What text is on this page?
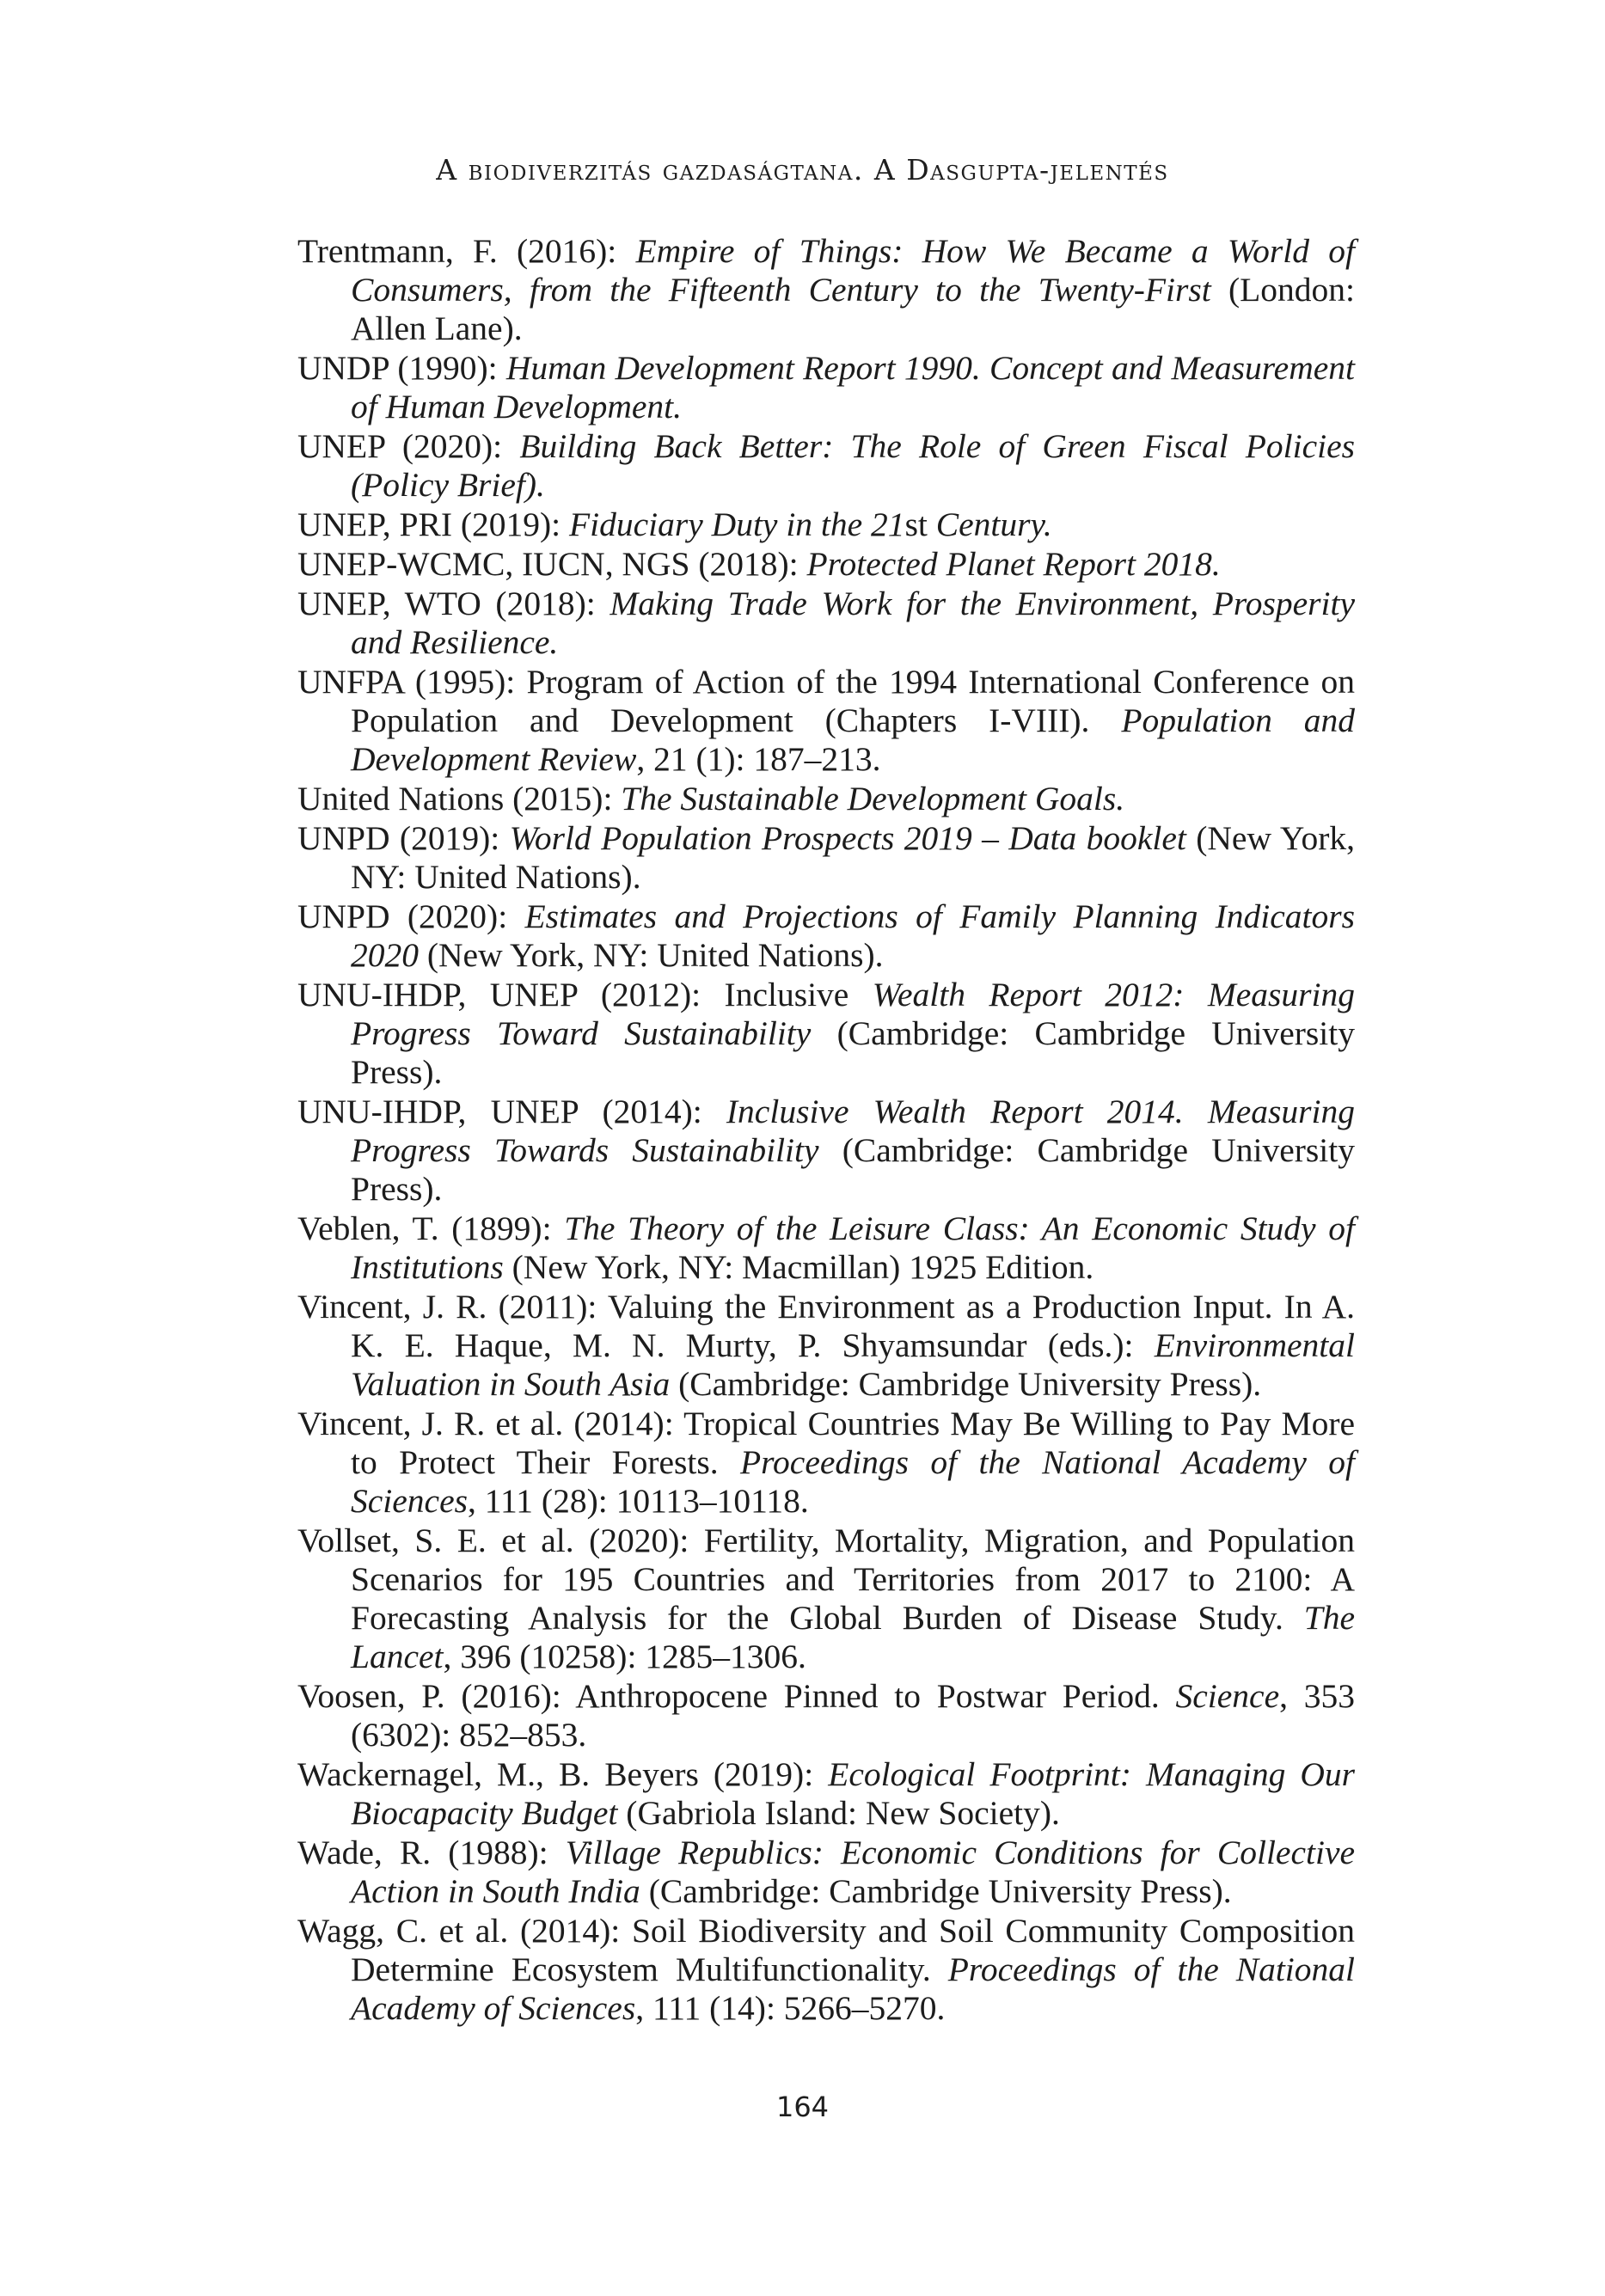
A biodiverzitás gazdaságtana. A Dasgupta-jelentés

Trentmann, F. (2016): Empire of Things: How We Became a World of Consumers, from the Fifteenth Century to the Twenty-First (London: Allen Lane).

UNDP (1990): Human Development Report 1990. Concept and Measurement of Human Development.

UNEP (2020): Building Back Better: The Role of Green Fiscal Policies (Policy Brief).

UNEP, PRI (2019): Fiduciary Duty in the 21st Century.

UNEP-WCMC, IUCN, NGS (2018): Protected Planet Report 2018.

UNEP, WTO (2018): Making Trade Work for the Environment, Prosperity and Resilience.

UNFPA (1995): Program of Action of the 1994 International Conference on Population and Development (Chapters I-VIII). Population and Development Review, 21 (1): 187–213.

United Nations (2015): The Sustainable Development Goals.

UNPD (2019): World Population Prospects 2019 – Data booklet (New York, NY: United Nations).

UNPD (2020): Estimates and Projections of Family Planning Indicators 2020 (New York, NY: United Nations).

UNU-IHDP, UNEP (2012): Inclusive Wealth Report 2012: Measuring Progress Toward Sustainability (Cambridge: Cambridge University Press).

UNU-IHDP, UNEP (2014): Inclusive Wealth Report 2014. Measuring Progress Towards Sustainability (Cambridge: Cambridge University Press).

Veblen, T. (1899): The Theory of the Leisure Class: An Economic Study of Institutions (New York, NY: Macmillan) 1925 Edition.

Vincent, J. R. (2011): Valuing the Environment as a Production Input. In A. K. E. Haque, M. N. Murty, P. Shyamsundar (eds.): Environmental Valuation in South Asia (Cambridge: Cambridge University Press).

Vincent, J. R. et al. (2014): Tropical Countries May Be Willing to Pay More to Protect Their Forests. Proceedings of the National Academy of Sciences, 111 (28): 10113–10118.

Vollset, S. E. et al. (2020): Fertility, Mortality, Migration, and Population Scenarios for 195 Countries and Territories from 2017 to 2100: A Forecasting Analysis for the Global Burden of Disease Study. The Lancet, 396 (10258): 1285–1306.

Voosen, P. (2016): Anthropocene Pinned to Postwar Period. Science, 353 (6302): 852–853.

Wackernagel, M., B. Beyers (2019): Ecological Footprint: Managing Our Biocapacity Budget (Gabriola Island: New Society).

Wade, R. (1988): Village Republics: Economic Conditions for Collective Action in South India (Cambridge: Cambridge University Press).

Wagg, C. et al. (2014): Soil Biodiversity and Soil Community Composition Determine Ecosystem Multifunctionality. Proceedings of the National Academy of Sciences, 111 (14): 5266–5270.

164
